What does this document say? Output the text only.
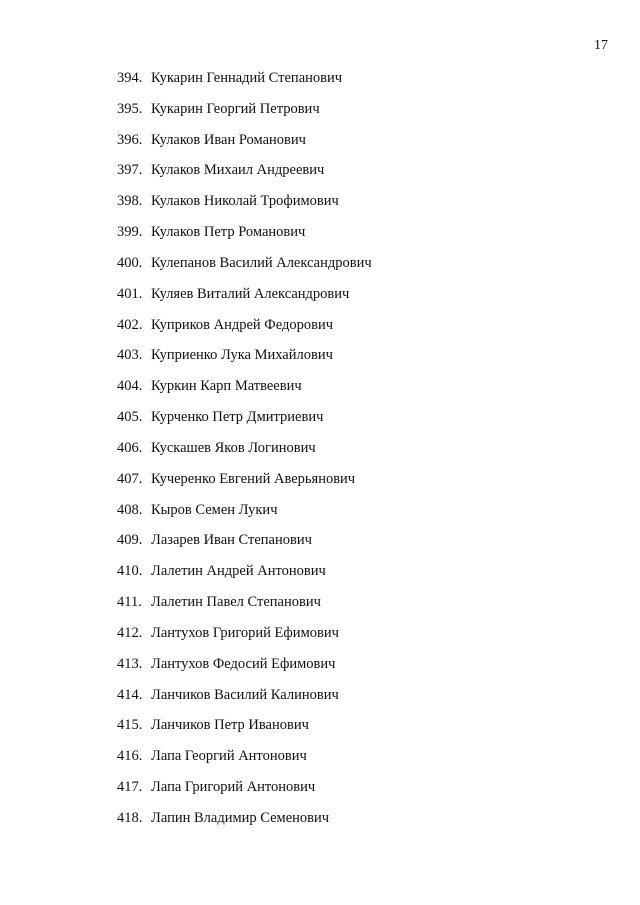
17
394. Кукарин Геннадий Степанович
395. Кукарин Георгий Петрович
396. Кулаков Иван Романович
397. Кулаков Михаил Андреевич
398. Кулаков Николай Трофимович
399. Кулаков Петр Романович
400. Кулепанов Василий Александрович
401. Куляев Виталий Александрович
402. Куприков Андрей Федорович
403. Куприенко Лука Михайлович
404. Куркин Карп Матвеевич
405. Курченко Петр Дмитриевич
406. Кускашев Яков Логинович
407. Кучеренко Евгений Аверьянович
408. Кыров Семен Лукич
409. Лазарев Иван Степанович
410. Лалетин Андрей Антонович
411. Лалетин Павел Степанович
412. Лантухов Григорий Ефимович
413. Лантухов Федосий Ефимович
414. Ланчиков Василий Калинович
415. Ланчиков Петр Иванович
416. Лапа Георгий Антонович
417. Лапа Григорий Антонович
418. Лапин Владимир Семенович
